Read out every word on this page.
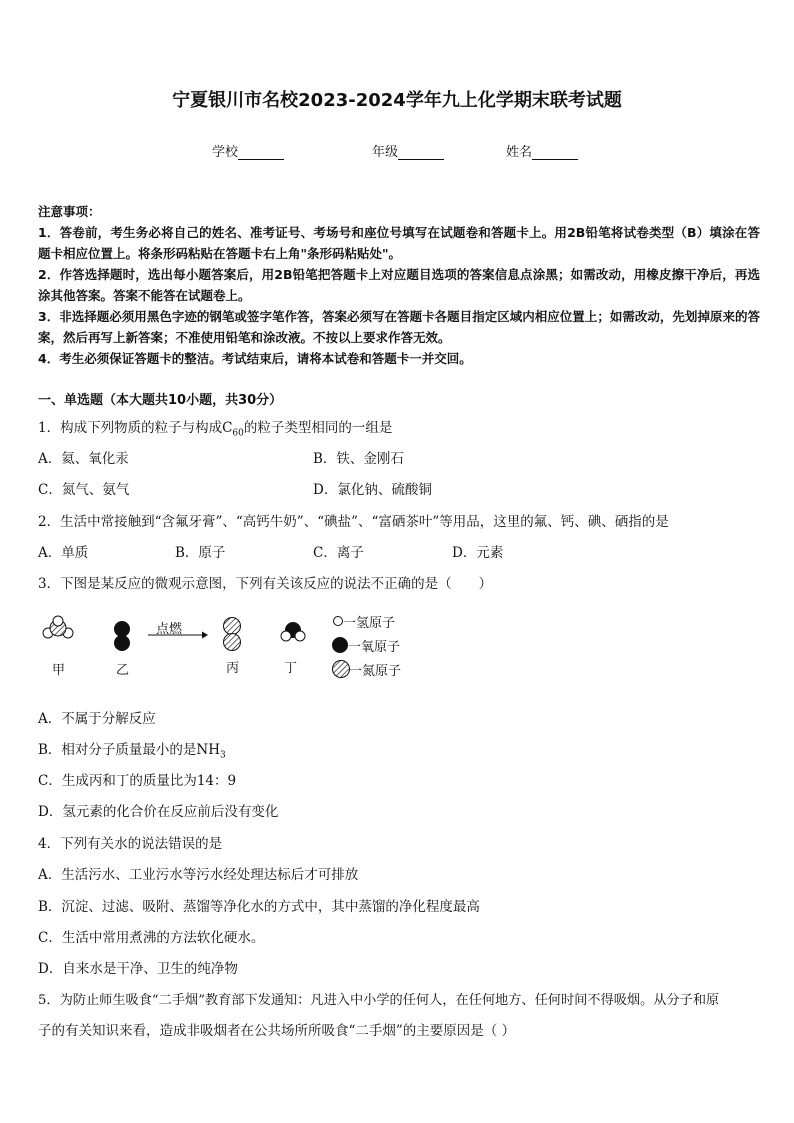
宁夏银川市名校2023-2024学年九上化学期末联考试题
学校	年级	姓名

注意事项：

1．答卷前，考生务必将自己的姓名、准考证号、考场号和座位号填写在试题卷和答题卡上。用2B铅笔将试卷类型（B）填涂在答题卡相应位置上。将条形码粘贴在答题卡右上角"条形码粘贴处"。

2．作答选择题时，选出每小题答案后，用2B铅笔把答题卡上对应题目选项的答案信息点涂黑；如需改动，用橡皮擦干净后，再选涂其他答案。答案不能答在试题卷上。

3．非选择题必须用黑色字迹的钢笔或签字笔作答，答案必须写在答题卡各题目指定区域内相应位置上；如需改动，先划掉原来的答案，然后再写上新答案；不准使用铅笔和涂改液。不按以上要求作答无效。

4．考生必须保证答题卡的整洁。考试结束后，请将本试卷和答题卡一并交回。

一、单选题（本大题共10小题，共30分）
1．构成下列物质的粒子与构成$C_{60}$的粒子类型相同的一组是
A．氦、氧化汞	B．铁、金刚石
C．氮气、氨气	D．氯化钠、硫酸铜
2．生活中常接触到“含氟牙膏”、“高钙牛奶”、“碘盐”、“富硒茶叶”等用品，这里的氟、钙、碘、硒指的是
A．单质	B．原子	C．离子	D．元素
3．下图是某反应的微观示意图，下列有关该反应的说法不正确的是（　　）
点燃
甲	乙	丙	丁
一氢原子
一氧原子
一氮原子
A．不属于分解反应
B．相对分子质量最小的是$NH_3$
C．生成丙和丁的质量比为14：9
D．氢元素的化合价在反应前后没有变化
4．下列有关水的说法错误的是
A．生活污水、工业污水等污水经处理达标后才可排放
B．沉淀、过滤、吸附、蒸馏等净化水的方式中，其中蒸馏的净化程度最高
C．生活中常用煮沸的方法软化硬水。
D．自来水是干净、卫生的纯净物
5．为防止师生吸食“二手烟”教育部下发通知：凡进入中小学的任何人，在任何地方、任何时间不得吸烟。从分子和原
子的有关知识来看，造成非吸烟者在公共场所所吸食“二手烟”的主要原因是（ ）
